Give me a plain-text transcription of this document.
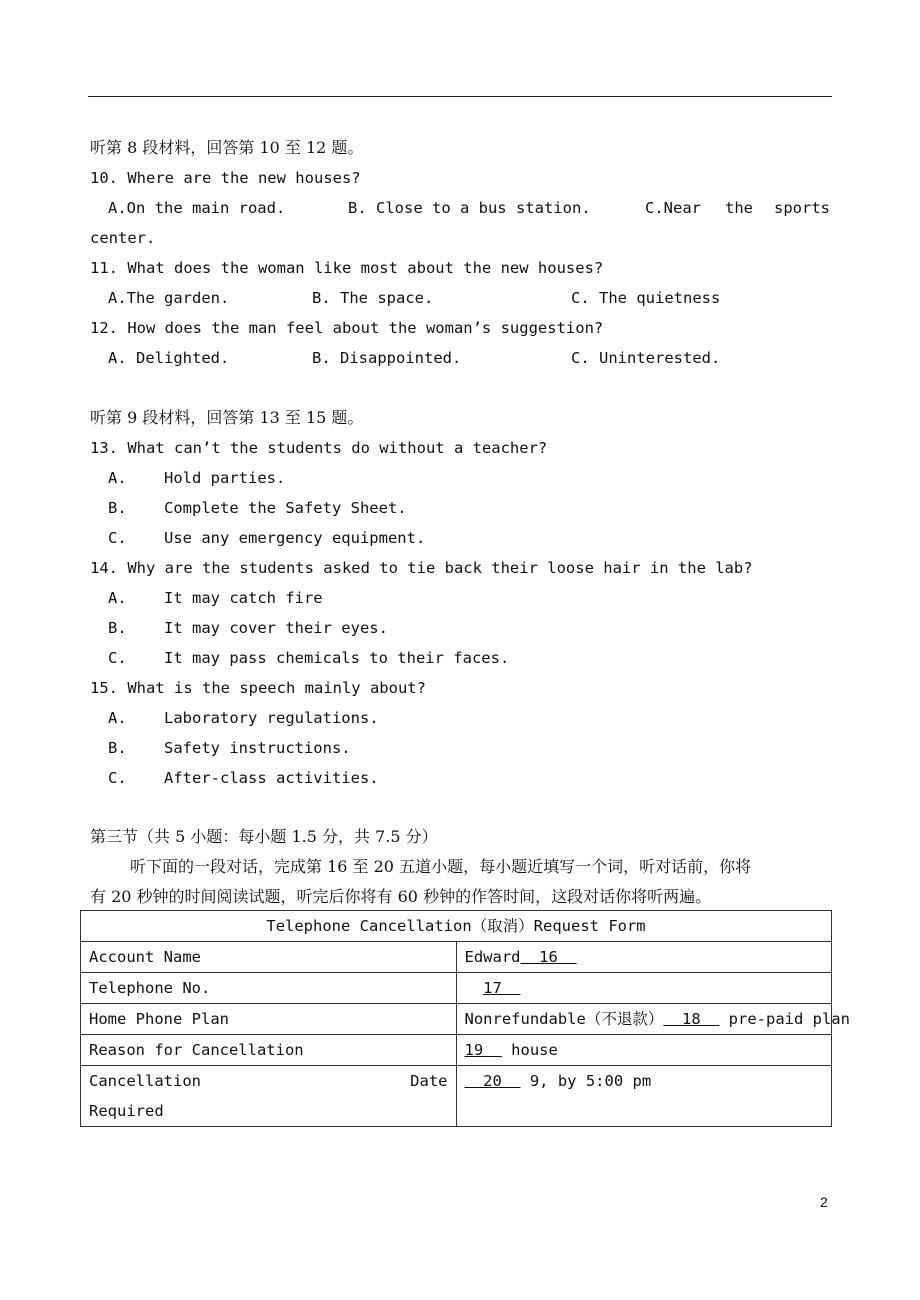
听第 8 段材料，回答第 10 至 12 题。
10. Where are the new houses?
A.On the main road.	B. Close to a bus station.	C.Near the sports
center.
11. What does the woman like most about the new houses?
A.The garden.	B. The space.	C. The quietness
12. How does the man feel about the woman’s suggestion?
A. Delighted.	B. Disappointed.	C. Uninterested.
听第 9 段材料，回答第 13 至 15 题。
13. What can’t the students do without a teacher?
A. Hold parties.
B. Complete the Safety Sheet.
C. Use any emergency equipment.
14. Why are the students asked to tie back their loose hair in the lab?
A. It may catch fire
B. It may cover their eyes.
C. It may pass chemicals to their faces.
15. What is the speech mainly about?
A. Laboratory regulations.
B. Safety instructions.
C. After-class activities.
第三节（共 5 小题：每小题 1.5 分，共 7.5 分）
听下面的一段对话，完成第 16 至 20 五道小题，每小题近填写一个词，听对话前，你将
有 20 秒钟的时间阅读试题，听完后你将有 60 秒钟的作答时间，这段对话你将听两遍。
Telephone Cancellation（取消）Request Form	
Account Name	Edward  16
Telephone No.	17
Home Phone Plan	Nonrefundable（不退款）  18   pre-paid plan
Reason for Cancellation	19   house

Cancellation Date
Required	20   9, by 5:00 pm
2
